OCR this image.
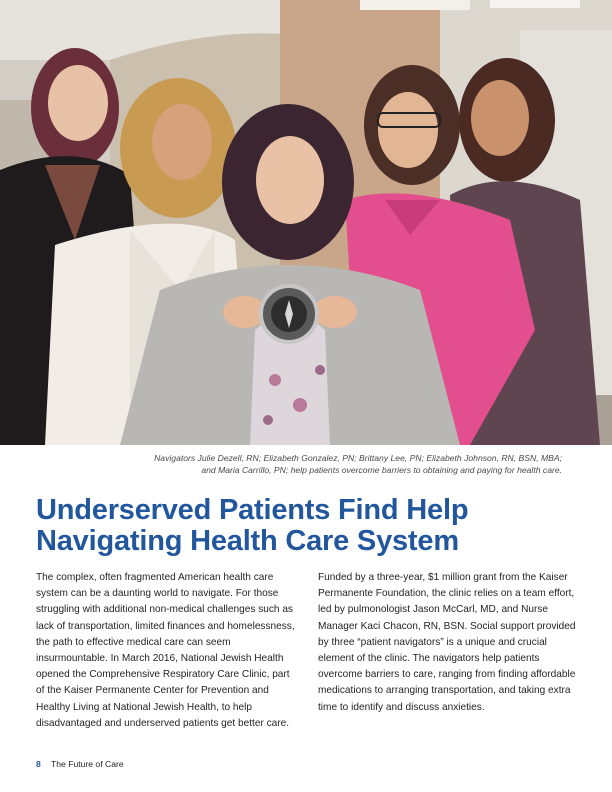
Navigators Julie Dezell, RN; Elizabeth Gonzalez, PN; Brittany Lee, PN; Elizabeth Johnson, RN, BSN, MBA;
and Maria Carrillo, PN; help patients overcome barriers to obtaining and paying for health care.
Underserved Patients Find Help
Navigating Health Care System

The complex, often fragmented American health care system can be a daunting world to navigate. For those struggling with additional non-medical challenges such as lack of transportation, limited finances and homelessness, the path to effective medical care can seem insurmountable. In March 2016, National Jewish Health opened the Comprehensive Respiratory Care Clinic, part of the Kaiser Permanente Center for Prevention and Healthy Living at National Jewish Health, to help disadvantaged and underserved patients get better care.

Funded by a three-year, $1 million grant from the Kaiser Permanente Foundation, the clinic relies on a team effort, led by pulmonologist Jason McCarl, MD, and Nurse Manager Kaci Chacon, RN, BSN. Social support provided by three “patient navigators” is a unique and crucial element of the clinic. The navigators help patients overcome barriers to care, ranging from finding affordable medications to arranging transportation, and taking extra time to identify and discuss anxieties.

8 The Future of Care
